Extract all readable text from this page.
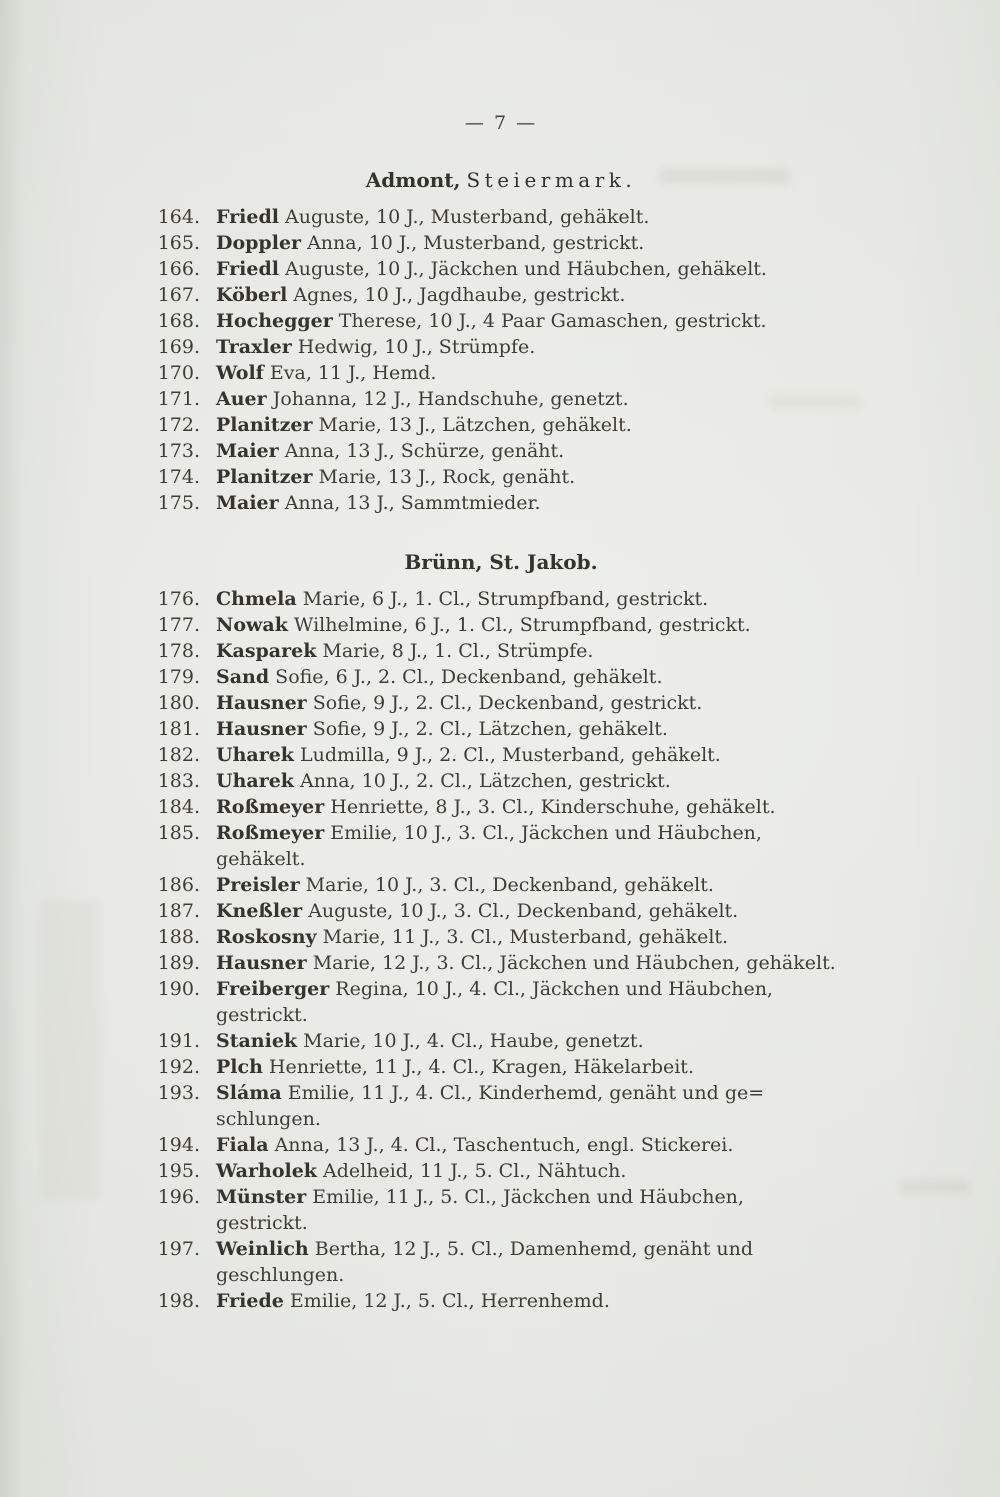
— 7 —
Admont, Steiermark.
164. Friedl Auguste, 10 J., Musterband, gehäkelt.
165. Doppler Anna, 10 J., Musterband, gestrickt.
166. Friedl Auguste, 10 J., Jäckchen und Häubchen, gehäkelt.
167. Köberl Agnes, 10 J., Jagdhaube, gestrickt.
168. Hochegger Therese, 10 J., 4 Paar Gamaschen, gestrickt.
169. Traxler Hedwig, 10 J., Strümpfe.
170. Wolf Eva, 11 J., Hemd.
171. Auer Johanna, 12 J., Handschuhe, genetzt.
172. Planitzer Marie, 13 J., Lätzchen, gehäkelt.
173. Maier Anna, 13 J., Schürze, genäht.
174. Planitzer Marie, 13 J., Rock, genäht.
175. Maier Anna, 13 J., Sammtmieder.
Brünn, St. Jakob.
176. Chmela Marie, 6 J., 1. Cl., Strumpfband, gestrickt.
177. Nowak Wilhelmine, 6 J., 1. Cl., Strumpfband, gestrickt.
178. Kasparek Marie, 8 J., 1. Cl., Strümpfe.
179. Sand Sofie, 6 J., 2. Cl., Deckenband, gehäkelt.
180. Hausner Sofie, 9 J., 2. Cl., Deckenband, gestrickt.
181. Hausner Sofie, 9 J., 2. Cl., Lätzchen, gehäkelt.
182. Uharek Ludmilla, 9 J., 2. Cl., Musterband, gehäkelt.
183. Uharek Anna, 10 J., 2. Cl., Lätzchen, gestrickt.
184. Roßmeyer Henriette, 8 J., 3. Cl., Kinderschuhe, gehäkelt.
185. Roßmeyer Emilie, 10 J., 3. Cl., Jäckchen und Häubchen,
gehäkelt.
186. Preisler Marie, 10 J., 3. Cl., Deckenband, gehäkelt.
187. Kneßler Auguste, 10 J., 3. Cl., Deckenband, gehäkelt.
188. Roskosny Marie, 11 J., 3. Cl., Musterband, gehäkelt.
189. Hausner Marie, 12 J., 3. Cl., Jäckchen und Häubchen, gehäkelt.
190. Freiberger Regina, 10 J., 4. Cl., Jäckchen und Häubchen,
gestrickt.
191. Staniek Marie, 10 J., 4. Cl., Haube, genetzt.
192. Plch Henriette, 11 J., 4. Cl., Kragen, Häkelarbeit.
193. Sláma Emilie, 11 J., 4. Cl., Kinderhemd, genäht und ge=
schlungen.
194. Fiala Anna, 13 J., 4. Cl., Taschentuch, engl. Stickerei.
195. Warholek Adelheid, 11 J., 5. Cl., Nähtuch.
196. Münster Emilie, 11 J., 5. Cl., Jäckchen und Häubchen,
gestrickt.
197. Weinlich Bertha, 12 J., 5. Cl., Damenhemd, genäht und
geschlungen.
198. Friede Emilie, 12 J., 5. Cl., Herrenhemd.
